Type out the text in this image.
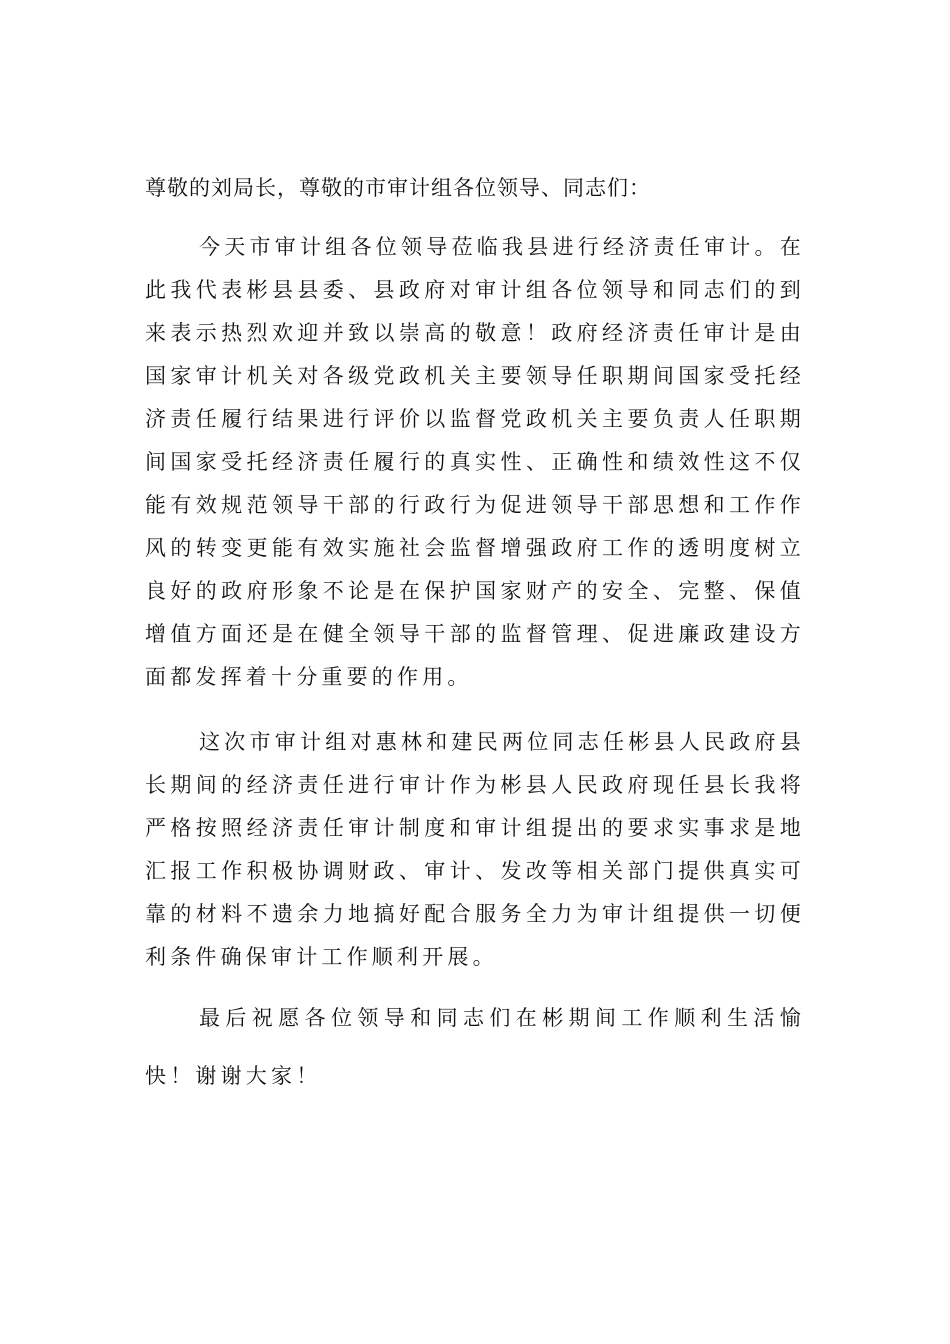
尊敬的刘局长，尊敬的市审计组各位领导、同志们：

今天市审计组各位领导莅临我县进行经济责任审计。在此我代表彬县县委、县政府对审计组各位领导和同志们的到来表示热烈欢迎并致以崇高的敬意！政府经济责任审计是由国家审计机关对各级党政机关主要领导任职期间国家受托经济责任履行结果进行评价以监督党政机关主要负责人任职期间国家受托经济责任履行的真实性、正确性和绩效性这不仅能有效规范领导干部的行政行为促进领导干部思想和工作作风的转变更能有效实施社会监督增强政府工作的透明度树立良好的政府形象不论是在保护国家财产的安全、完整、保值增值方面还是在健全领导干部的监督管理、促进廉政建设方面都发挥着十分重要的作用。

这次市审计组对惠林和建民两位同志任彬县人民政府县长期间的经济责任进行审计作为彬县人民政府现任县长我将严格按照经济责任审计制度和审计组提出的要求实事求是地汇报工作积极协调财政、审计、发改等相关部门提供真实可靠的材料不遗余力地搞好配合服务全力为审计组提供一切便利条件确保审计工作顺利开展。

最后祝愿各位领导和同志们在彬期间工作顺利生活愉快！谢谢大家！
